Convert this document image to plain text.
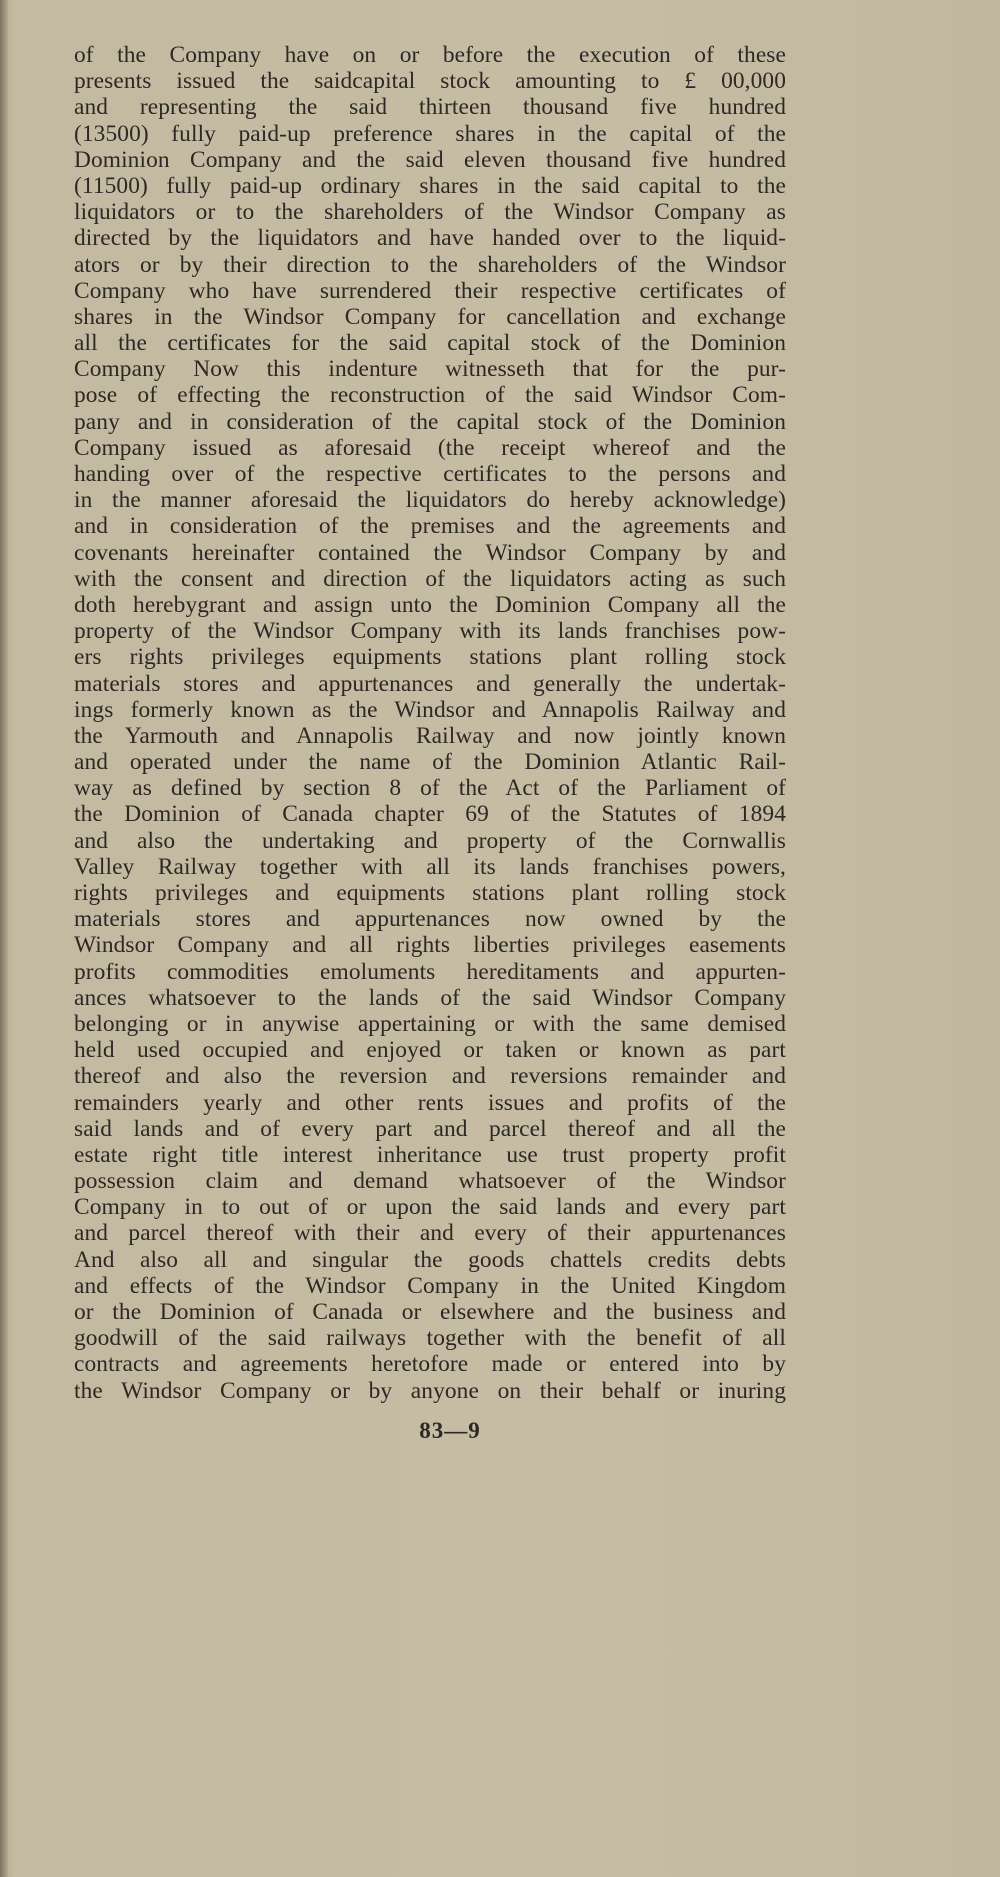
of the Company have on or before the execution of these
presents issued the saidcapital stock amounting to £ 00,000
and representing the said thirteen thousand five hundred
(13500) fully paid-up preference shares in the capital of the
Dominion Company and the said eleven thousand five hundred
(11500) fully paid-up ordinary shares in the said capital to the
liquidators or to the shareholders of the Windsor Company as
directed by the liquidators and have handed over to the liquid-
ators or by their direction to the shareholders of the Windsor
Company who have surrendered their respective certificates of
shares in the Windsor Company for cancellation and exchange
all the certificates for the said capital stock of the Dominion
Company Now this indenture witnesseth that for the pur-
pose of effecting the reconstruction of the said Windsor Com-
pany and in consideration of the capital stock of the Dominion
Company issued as aforesaid (the receipt whereof and the
handing over of the respective certificates to the persons and
in the manner aforesaid the liquidators do hereby acknowledge)
and in consideration of the premises and the agreements and
covenants hereinafter contained the Windsor Company by and
with the consent and direction of the liquidators acting as such
doth herebygrant and assign unto the Dominion Company all the
property of the Windsor Company with its lands franchises pow-
ers rights privileges equipments stations plant rolling stock
materials stores and appurtenances and generally the undertak-
ings formerly known as the Windsor and Annapolis Railway and
the Yarmouth and Annapolis Railway and now jointly known
and operated under the name of the Dominion Atlantic Rail-
way as defined by section 8 of the Act of the Parliament of
the Dominion of Canada chapter 69 of the Statutes of 1894
and also the undertaking and property of the Cornwallis
Valley Railway together with all its lands franchises powers,
rights privileges and equipments stations plant rolling stock
materials stores and appurtenances now owned by the
Windsor Company and all rights liberties privileges easements
profits commodities emoluments hereditaments and appurten-
ances whatsoever to the lands of the said Windsor Company
belonging or in anywise appertaining or with the same demised
held used occupied and enjoyed or taken or known as part
thereof and also the reversion and reversions remainder and
remainders yearly and other rents issues and profits of the
said lands and of every part and parcel thereof and all the
estate right title interest inheritance use trust property profit
possession claim and demand whatsoever of the Windsor
Company in to out of or upon the said lands and every part
and parcel thereof with their and every of their appurtenances
And also all and singular the goods chattels credits debts
and effects of the Windsor Company in the United Kingdom
or the Dominion of Canada or elsewhere and the business and
goodwill of the said railways together with the benefit of all
contracts and agreements heretofore made or entered into by
the Windsor Company or by anyone on their behalf or inuring
83—9
